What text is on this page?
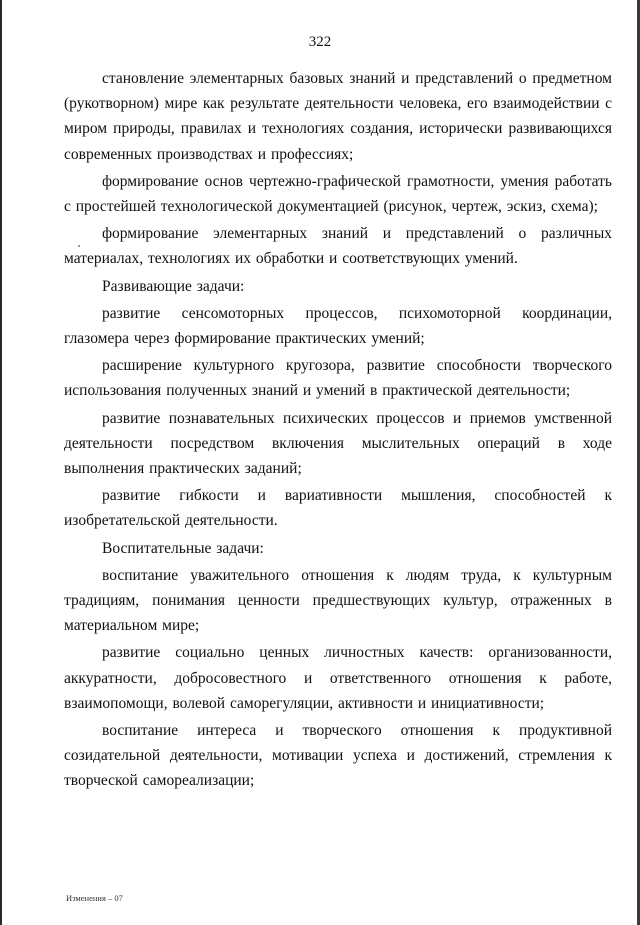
322

становление элементарных базовых знаний и представлений о предметном (рукотворном) мире как результате деятельности человека, его взаимодействии с миром природы, правилах и технологиях создания, исторически развивающихся современных производствах и профессиях;

формирование основ чертежно-графической грамотности, умения работать с простейшей технологической документацией (рисунок, чертеж, эскиз, схема);

формирование элементарных знаний и представлений о различных материалах, технологиях их обработки и соответствующих умений.

Развивающие задачи:

развитие сенсомоторных процессов, психомоторной координации, глазомера через формирование практических умений;

расширение культурного кругозора, развитие способности творческого использования полученных знаний и умений в практической деятельности;

развитие познавательных психических процессов и приемов умственной деятельности посредством включения мыслительных операций в ходе выполнения практических заданий;

развитие гибкости и вариативности мышления, способностей к изобретательской деятельности.

Воспитательные задачи:

воспитание уважительного отношения к людям труда, к культурным традициям, понимания ценности предшествующих культур, отраженных в материальном мире;

развитие социально ценных личностных качеств: организованности, аккуратности, добросовестного и ответственного отношения к работе, взаимопомощи, волевой саморегуляции, активности и инициативности;

воспитание интереса и творческого отношения к продуктивной созидательной деятельности, мотивации успеха и достижений, стремления к творческой самореализации;

Изменения – 07
